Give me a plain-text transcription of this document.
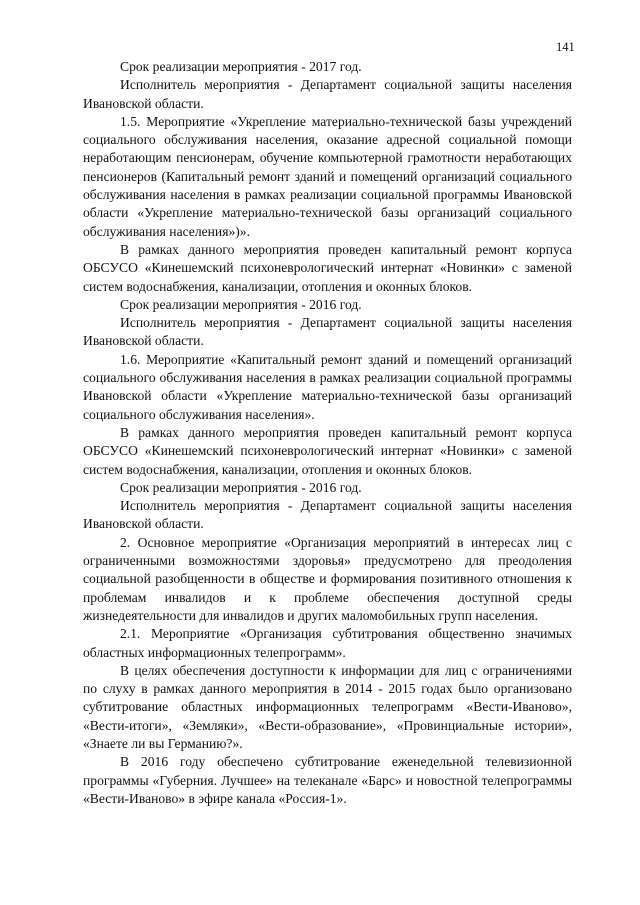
141

Срок реализации мероприятия - 2017 год.

Исполнитель мероприятия - Департамент социальной защиты населения Ивановской области.

1.5. Мероприятие «Укрепление материально-технической базы учреждений социального обслуживания населения, оказание адресной социальной помощи неработающим пенсионерам, обучение компьютерной грамотности неработающих пенсионеров (Капитальный ремонт зданий и помещений организаций социального обслуживания населения в рамках реализации социальной программы Ивановской области «Укрепление материально-технической базы организаций социального обслуживания населения»)».

В рамках данного мероприятия проведен капитальный ремонт корпуса ОБСУСО «Кинешемский психоневрологический интернат «Новинки» с заменой систем водоснабжения, канализации, отопления и оконных блоков.

Срок реализации мероприятия - 2016 год.

Исполнитель мероприятия - Департамент социальной защиты населения Ивановской области.

1.6. Мероприятие «Капитальный ремонт зданий и помещений организаций социального обслуживания населения в рамках реализации социальной программы Ивановской области «Укрепление материально-технической базы организаций социального обслуживания населения».

В рамках данного мероприятия проведен капитальный ремонт корпуса ОБСУСО «Кинешемский психоневрологический интернат «Новинки» с заменой систем водоснабжения, канализации, отопления и оконных блоков.

Срок реализации мероприятия - 2016 год.

Исполнитель мероприятия - Департамент социальной защиты населения Ивановской области.

2. Основное мероприятие «Организация мероприятий в интересах лиц с ограниченными возможностями здоровья» предусмотрено для преодоления социальной разобщенности в обществе и формирования позитивного отношения к проблемам инвалидов и к проблеме обеспечения доступной среды жизнедеятельности для инвалидов и других маломобильных групп населения.

2.1. Мероприятие «Организация субтитрования общественно значимых областных информационных телепрограмм».

В целях обеспечения доступности к информации для лиц с ограничениями по слуху в рамках данного мероприятия в 2014 - 2015 годах было организовано субтитрование областных информационных телепрограмм «Вести-Иваново», «Вести-итоги», «Земляки», «Вести-образование», «Провинциальные истории», «Знаете ли вы Германию?».

В 2016 году обеспечено субтитрование еженедельной телевизионной программы «Губерния. Лучшее» на телеканале «Барс» и новостной телепрограммы «Вести-Иваново» в эфире канала «Россия-1».
